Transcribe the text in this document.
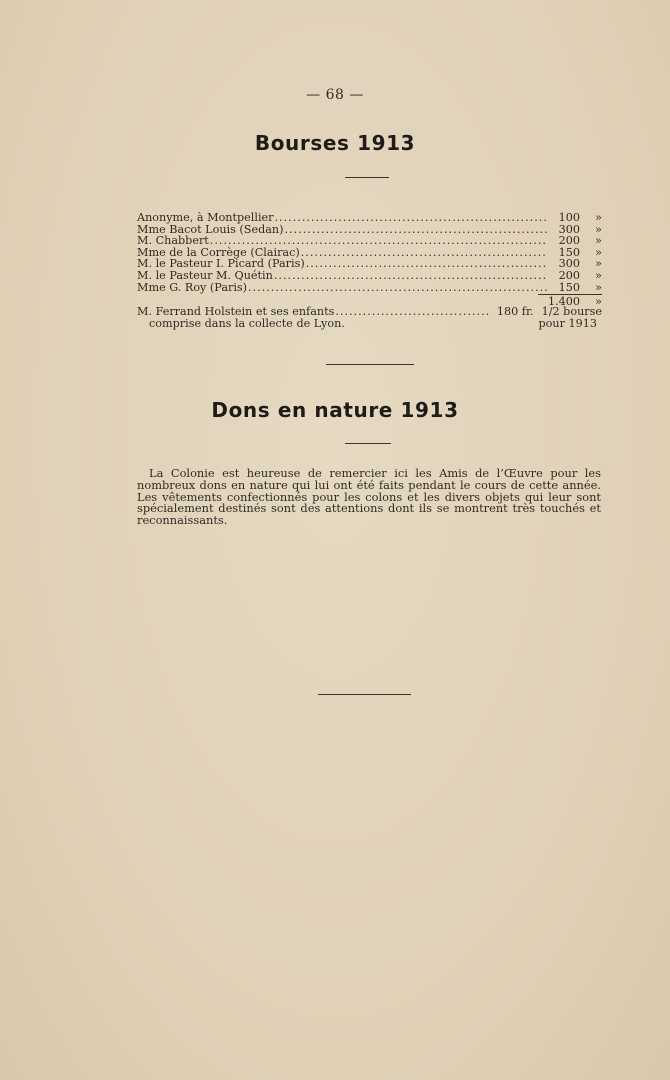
— 68 —
Bourses 1913
Anonyme, à Montpellier .....	100	»
Mme Bacot Louis (Sedan) .....	300	»
M. Chabbert .....	200	»
Mme de la Corrège (Clairac) .....	150	»
M. le Pasteur I. Picard (Paris) .....	300	»
M. le Pasteur M. Quétin .....	200	»
Mme G. Roy (Paris) .....	150	»
1.400	»
M. Ferrand Holstein et ses enfants .....	180 fr. 1/2 bourse
comprise dans la collecte de Lyon.	pour 1913
Dons en nature 1913
La Colonie est heureuse de remercier ici les Amis de l’Œuvre pour les nombreux dons en nature qui lui ont été faits pendant le cours de cette année. Les vêtements confectionnés pour les colons et les divers objets qui leur sont spécialement destinés sont des attentions dont ils se montrent très touchés et reconnaissants.
